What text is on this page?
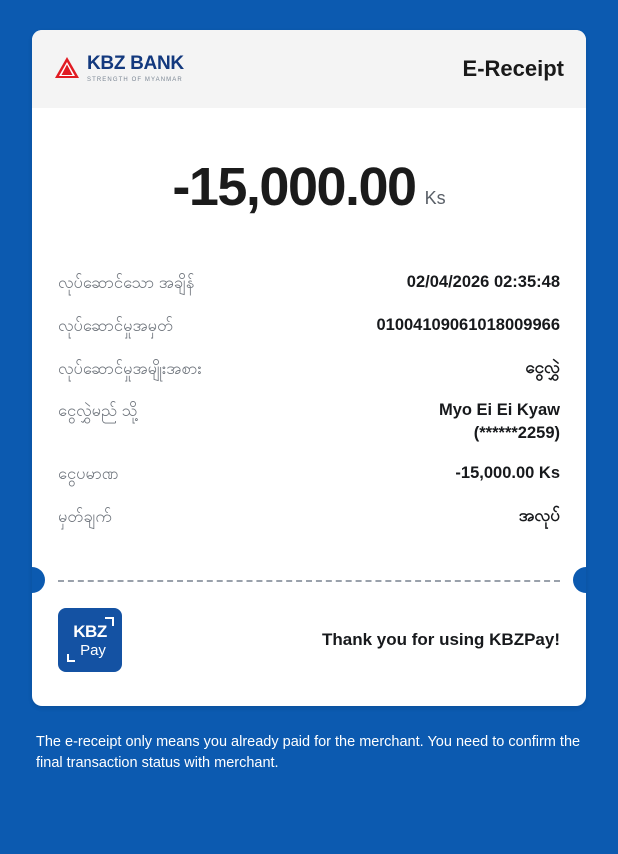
KBZ BANK
STRENGTH OF MYANMAR	E-Receipt
-15,000.00 Ks
လုပ်ဆောင်သော အချိန်	02/04/2026 02:35:48
လုပ်ဆောင်မှုအမှတ်	01004109061018009966
လုပ်ဆောင်မှုအမျိုးအစား	ငွေလွှဲ
ငွေလွှဲမည် သို့	Myo Ei Ei Kyaw
(******2259)
ငွေပမာဏ	-15,000.00 Ks
မှတ်ချက်	အလုပ်
KBZ
Pay
Thank you for using KBZPay!
The e-receipt only means you already paid for the merchant. You need to confirm the final transaction status with merchant.
